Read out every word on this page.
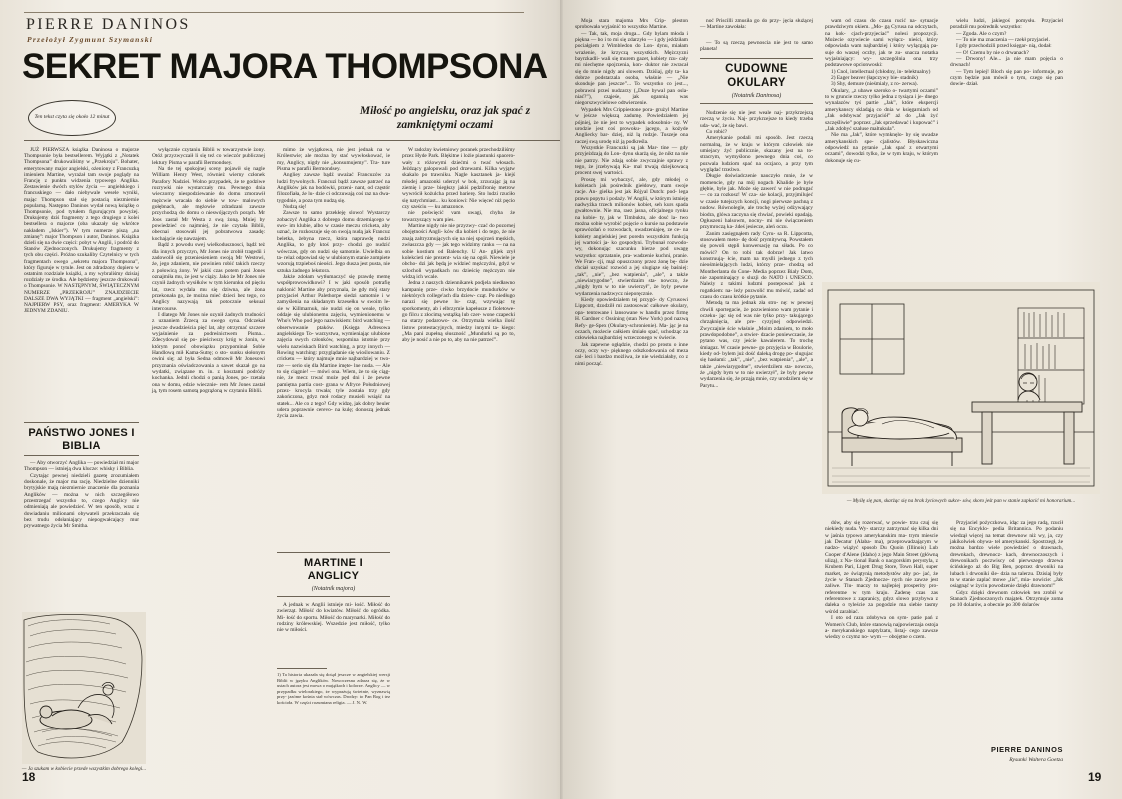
PIERRE DANINOS
Przełożył Zygmunt Szymanski
SEKRET MAJORA THOMPSONA
Miłość po angielsku, oraz jak spać z zamkniętymi oczami
Ten tekst czyta się około 12 minut

JUŻ PIERWSZA książka Daninosa o majorze Thompsonie była bestsellerem. Wyjątki z „Notatek Thompsona” drukowaliśmy w „Przekroju”. Bohater, emerytowany major angielski, ożeniony z Francuzką imieniem Martine, wyrażał tam swoje poglądy na Francję z punktu widzenia typowego Anglika. Zestawienie dwóch stylów życia — angielskiego i francuskiego — dało niebywale wesele wyniki, mając Thompson stał się postacią niezmiernie popularną. Następno Daninos wydał nową książkę o Thompsonie, pod tytułem figurującym powyżej. Drukujemy dziś fragmenty z tego drugiego z kolei bestsellera o majorze (oba ukazały się wkrótce nakładem „Iskier”). W tym numerze piszą „na zmianę”: major Thompson i autor, Daninos. Książka dzieli się na dwie części: pobyt w Anglii, i podróż do Stanów Zjednoczonych. Drukujemy fragmenty z tych obu części. Próżno szukaliby Czytelnicy w tych fragmentach owego „sekretu majora Thompsona”, który figuruje w tytule. Jest on zdradzony dopiero w ostatnim rozdziale książki, a my wybraliśmy dzisiaj rozdziały ze środka. Ale będziemy jeszcze drukowali o Thompsonie. W NASTĘPNYM, ŚWIĄTECZNYM NUMERZE „PRZEKROJU” ZNAJDZIECIE DALSZE DWA WYJĄTKI — fragment „angielski”: NAJPIERW PSY, oraz fragment: AMERYKA W JEDNYM ZDANIU.

PAŃSTWO JONES I BIBLIA

— Aby otworzyć Anglika — powiedział mi major Thompson — istnieją dwa klucze: whisky i Biblia.

Czytając pewnej niedzieli gazetę zrozumiałem doskonale, że major ma rację. Niedzielne dzienniki brytyjskie mają niezmiernie znaczenie dla poznania Anglików — można w nich szczegółowo przestrzegać wszystko to, czego Anglicy nie odmieniają ale powiedzieć. W ten sposób, wraz z dowiadaniu milionami obywateli przekraczała się bez trudu odsłaniający niepogwałcający mur prywatnego życia Mr Smitha.

— Ja szukam w kobiecie przede wszystkim dobrego kolegi...

wyłącznie czytaniu Biblii w towarzystwie żony. Otóż przyzwyczaił li się też co wieczór publicznej lektury Pisma w parafii Bermondsey.

Na tle tej spokojnej sceny pojawił się nagle William Henry West, również wierny członek Parafory Nadziei. Wolno przypadek, że te godziwe rozrywki nie wystarczały mu. Pewnego dnia wieczorny niespodziewanie do domu zmorawił mężcwie wracała do siebie w tow- malowych gołębnach, ale mężowie zdradzani zawsze przychodzą do domu o nieswójączych porąch. Mr Joos zastał Mr Westa z swą żoną. Mniej by powiedzieć co najmniej, że nie czytała Biblii, obecnai stosowałi jej pobratwowa zasadę: kochającie się nawzajem.

Bądź z powodu swej wielkodusznosci, bądź też dla innych przyczyn, Mr Jones nie zrobił tragedii i zadowolił się przeniesieniem swoją Mr Westowi, że, jego zdaniem, nie powinien robić takich rzeczy z połowicą żony. W jakiś czas potem pani Jones oznajmiła mu, że jest w ciąży. Jako że Mr Jones nie czynił żadnych wysiłków w tym kierunku od pięciu lat, rzecz wydala mu się dziwna, ale żona przekonała go, że można mieć dzieci bez tego, co Anglicy nazywają tak potocznie seksual intercourse.

I dlatego Mr Jones nie ozynił żadnych trudności z uznaniem Żrzecą za swego syna. Odczekał jeszcze dwadzieścia pięć lat, aby otrzymać szczere wyjaśnienie za podreśnictwem Pisma... Zdecydowal się po- pieściwszy króg w żonin, w którym ponoć obowiązku przypominał Sobie Handlową mił Kama-Sutrę; o sto- sunku słołonym owini się; aż była Sedna odmowił Mr Jonesowi przyznania oświadczowania a sawet skazał go na wydatki, związane m. in. z kosztami podróży kochanka. Jednli chodzi o panią Jones, po- rzetała ona w domu, edzie wiecznie- rem Mr Jones zastał ją, tym rosem samotą pogrążoną w czytaniu Biblii.

mimo że wyjątkowa, nie jest jednak na w Królestwie; ale można by stać wywłoskować, ie my, Anglicy, nigdy nie „konsumujemy”. Tra- ture Pisma w parafii Bermondsey.

Angliey zawsze bądź uważać Francuzów za ludzi frywolnych. Francuzi bądź zawsze patrzeć na Anglików jak na bodówki, przeni- nant, od częstór filozofiała, że lu- dzie ci odczuwają coś raz na dwa- tygodnie, a poza tym nudzą się.

Nudzą się!

Zawsze to samo przekłeję slowo! Wystarczy zobaczyć Anglika z dobrego domu drzemiącego w swo- im klubie, albo w czasie meczu cricketa, aby uznać, że rozkoszuje się on swoją nudą jak Francuz beletka, żebyna rzecz, która naprawdę nudzi Anglika, to gdy ktoś przy- chodzi go nudzić wówczas, gdy on nudzi się samotnie. Uwielbia on ta- relaż odpowiad się w ulubionym stanie zompiete wzorują trzpieboś nieości. Jego dusza jest pusta, nie sztuka żadnego lekstora.

Jakże zdołam wytłumaczyć się prawdę memę współprowowidkowi? I w jaki sposób potrafię naklonić Martine aby przyznala, że gdy mój stary przyjaciel Arthur Palethorpe siedzi samotnie i w zamyślenia na składanym krzesełku w swoim le- sie w Killmarnuk, nie nudzi się on weale, tylko oddaje się ulubionemu zajęciu, wymienionemu w Who's Who pod jego nazwiskiem: bird watching — obserwowanie ptaków. (Księga Adresowa angielskiego To- warzystwa, wymieniając ulubione zajęcia swych członków, wspomina istotnie przy wielu nazwiskach Bird watching, a przy innych — Rowing watching: przyglądanie się wioślowaniu. Z cricketu — który najmuje mnie najbardziej w two- rze — serio się dla Martine imęte- lne nuda. — Ale to się ciągnie! — mówi ona. Wiem, że to się ciąg- nie, że mecz trwać może pęd dni i że pewne pamiętna partia cost- grana w Afryce Południowej przez- krocyla trwała; tyle została trzy gdy zakończona, gdyz moł rodacy musieli wsiąść na statek... Ale co z tego? Gdy widzę, jak dobry beuler udera poprawnie cerevo- na kulę; donoszą jednak życia zawia.

MARTINE I ANGLICY
(Notatnik majora)

A jednak w Anglii istnieje mi- łość. Miłość do zwierząt. Miłość do kwiatów. Miłość do ogródka. Mi- łość do sportu. Miłość do marynarki. Miłość do rodziny królewskiej. Wszedzie jest miłość, tylko nie w miłości.

1) Ta historia ukazała się dotąd jeszcze w angielskiej wersji Biblii w języku Anglików. Nowoczesna zdarza się, że w ustach autora jest mowa o majątkach i kolorze. Anglicy — w przypadku wielorakiego, że wyprażują świetnie, wyznawią przy- jazóme kośnia stał wówczas. Drodzy: to Pan Bog i tez kościoła. W części rozumiana religia. — J. N. W.

W radożny kwietniowy poranek przechodziliśmy przez Hyde Park. Blękitne i lożie piastunki spacero- wały z różowymi dziećmi o twać włosach. Jeźdzący galopowali pod drzewami. Kilka wyjątw skakalo po trawniku. Nagle kasztanek ja- kiejś młodej amazonki uderzyl w bok, zrzucając ją na ziemię i prze- biegłszy jakiś pędzifronię metrow wywrócił kożulcha przed barierę. Sto ludzi rzuciło się natychmiast... ku koniowi: Nie więceć niż pęcio czy sześciu — ku amazonce.

nie poświęcić vam uwagi, chyba że towarzyszący wam pies.

Martine nigdy nie nie przyzwy- czać do pozornej obojętności Angli- ków dla kobiet i do tego, że nie znają zaltryzmujących się na niej spojrzeń męskich, zwłaszcza gdy — jak tego widzimy ranku — na na sobie kostium od Balenchy. U An- glijek zrył kolekcieti nie prezent- wia się na ogół. Niewiele je obcho- dzi jak będą je widzieć mężczyźni, gdyż w szlocholi wypadkach nu dzieścię mężczyzn nie widzą ich wcale.

Jedna z naszych dziennikarek podjela niedławno kampanię prze- ciwko brzydocie mundurków w niektórych college'ach dla dziew- cząt. Po niedługo narazi się pewne lu- cząt, wzywając tę sporkomenty, ab i elbrzymie kapełusze z fioletowe- go filcu z złocimą wstążką lub czer- wone czapecki na starzy podarowo- ce. Otrzymala wielka ilość listow protestacyjnych, miedzy innymi ta- kiego: „Ma pani zupełną słuszność „Mundurki są po to, aby je nosić a nie po to, aby na nie patrzeć”.

18

Moja stara majoma Mrs Crip- pleston sprobowała wyjaśnić to wszystko Martine.

— Tak, tak, moja droga... Gdy bylam młoda i piękna — bo i to mi się zdarzyło — i gdy jeździłam pociałgiem z Wimbledon do Lon- dynu, miałam wrażenie, że krzyczą wszystkich. Mężczyzni bayrzkadli- wali się murem gazet, kobiety rzu- cały mi niechętne spojrzenia, kon- duktor nie zwracał się do mnie nigdy ani slowem. Dziśiaj, gdy ta- ka dobrze podstarzala osoba, właśnie — „Nie skonduje pan jeszcze”... To wszystko co jest..., pobrawni prześ nudzarzy („Duze bywal pan osla- niać?”), cząjeśe, jak ogannią was niegorszwycielowe odtwierzenie.

Wypadek Mrs Crippiestone pora- grużyl Martine w jeścze większą zadumę. Powiedziałem jej pójniej, że nie jest to wypadek odosobnio- ny. W urodzie jest coś prowoku- jącego, a kożyde Angliecky bar- dziej, niż lą rudzje. Tuszeje ona raczej swą urodę niż ją podkreśla.

Wszystkie Francuzki są jak Mar- tine — gdy przyjeżdzają do Lon- dynu skarżą się, że nikt na nie nie patrzy. Nie zdają sobie zwyczajnie sprawy z tego, że jrzebywają Ka- mal trwają dziejkowacą procent swej wartości.

Proszę mi wybaczyć, ale, gdy młodej o kobietach jak pośrednik giełdowy, mam swoje racje. An- gielka jest jak Rójyal Dutch: pod- lega prawu popytu i podaży. W Anglii, w którym istnieję nadwyżka trzech milionów kobiet, seh kurs spada gwałtownie. Nie ma, raez jasna, oficjalnego rynku na kobie- ty, jak w Timbuktu, ale dosć la- two można sobie wyrobić pojęcie o kursie na podstawie sprawózdań o rozwodach, uwadzeniajeę, ze ce- na kobiety angielskiej jest poredn wszystkim funkcją jej wartości ja- ko gospodyni. Trybunał rozwodo- wy, dokonując szacunku bierze pod uwagę wszystko: sprzatanie, pra- wadzenie kuchni, pranie. We Fran- cji, mąż opuszczony przez żonę bę- dzie chciał uzyskać rozwód a jej slugiąze się baśniej: „tak”, „nie”, „bez watpienia”, „ale”, a także „niewiarygodne”, stwierdzaim sta- nowczo, że „nigdy bym w to nie uwierzył”, że byly pewne wydarzenia nadzwycz nieporęcznie.

Kiedy opowiedziałem tej przygó- dy Cyrusowi Lippcott, dzodzilł mi zastosować całkowe okulary, opa- tentowane i lansowane w handlu przez firmę H. Gardner c Ossining (stan New York) pod nazwą Refy- ge-Spex (Okulary-schronienie). Ma- jąc je na oczach, możecie całkiem śmiało spać, uchodząc za człowieka najbardziej wrzeczonego w świecie.

Jak zapewne ogłądzie, chodzi po prostu o inne oczy, oczy wy- pięknego odszkodowania od meza cal- leci i bardzo możliwa, że nie wiedziałaby, co z nimi począć.

noć Priscilli zmusiła go do przy- jęcia służącej — Martine zawołała:

— To są rzeczą pewnoscia nie jest to samo planeta!

CUDOWNE OKULARY
(Notatnik Daninosa)

Nudzenie się nie jest weale naj- przykrzejszą rzeczą w życiu. Naj- przykrzejsze to kiedy trzeba uda- wać, że się bawi.

Co robić?

Amerykanie podali mi sposób. Jest rzeczą normalną, że w kraju w którym człowiek nie umiejacy żyć publicznie, skazany jest na to- stracrym, wymyślono pewnego dnia coś, co pozwala ludziom spać na oczjaco, a przy tym wyglądać trzeźwo.

Długie doświadczenie nauczyło mnie, że w momencie, gdy na mój nogach Khalide je byle głębie, byle jak. Może się zawerć w nie podrugać — co za rozkosz! W cza- sie kolacji, przyjmilujeć w czasie tutejszych koncji, nogi pierwsze pachną z nudow. Równolegle, ale trochę wyżej odżywający biodra, glówa zaczyna się chwiać, powieki opadają. Ogłuszeni halsowm, nocny- mi nie świączeniem przymroczą ka- żdeś jesiecze, aleń oczu.

Zanim zasięgnąłem rady Cyru- sa R. Lippcotta, stosowałem meto- dę dość prymitywną. Powstałem się powoli stępli konwersację na siłads. Po co mówić? On to robi tak dobrze! Jak latwo konstruują- łcie, mam na myslli jednego z tych nieośmielających ludzi, którzy prze- chodzą od Montberlanta do Cone- Media poprzez Bialy Dom, nie zapominający o sluzji do NATO i UNESCO. Należy z takimi ludzmi postepować jak z rogatkiem: na- leży pozwolić mu mówić, zadać od czasu do czasu krótkie pytanie.

Metodą ta ma jednak zła stro- nę: w pewnej chwili sportegacie, że pozwieniono wam pytanie i oczeku- jąc się od was nie tylko przy- takującego chrząknięcia, ale pre- cyzyjnej odpowiedzi. Zwyczajnie ście właśnie „Moim zdaniem, to moło prawdopodobne”, a stwier- dzacie poniewczasie, że pytano was, czy jeście kawalerem. To trochę śmiagaz. W czasie pewne- go przyjęcia w Boulorie, kiedy od- bylem już dość daleką drogę po- slugujac się hasłami: „tak”, „nie”, „bez watpienia”, „ale”, a także „niewiarygodne”, stwierdzilem sta- nowczo, że „nigdy bym w to nie uwierzył”, że byly pewne wydarzenia się, że prząją mnie, czy urodzilem się w Parytu...

wam od czasu do czasu rucić na- sytuacje prawdziwym okiem. „Mo- gą Cyrusa na odczytach, na kok- cjach-przyjeciać” nolesi propozycji. Możecie ozywiecie sami wyłącz- nieści, który odpowiada wam najbardziej i który wylącgają pa- suje do waszej oczby, jak te zu- snacza notatka wyjaśniający: wy- szczególnia ona trzy podstawowe opcionwoski:

1) Cnol, intellectual (chłodny, in- telektualny)

2) Eager beaver (łapczywy bie- stadnik)

3) Shy, demure (nieśmialy, z ro- zerwa).

Okulary, „z ubawe szeroko o- twartymi oczami” to w gruncie rzeczy tylko jedna z tysiąca i je- dnego wynalazów tyś partie „Jak”, które ekspercji amerykanscy skladąją co dnia w księgarniach od „Jak odsbywać przyjaciół” aż do „Jak żyć szczęśliwie” poprzez „Jak sprzedawać i kupować” i „Jak zdobyć szaluse maltukula”.

Nie ma „Jak”, które wymknęlo- by się uwadze amerykanskich spe- cjalistów. Błyskawiczna odpowiedź na pytanie „Jak spać z otwartymi oczami”, dowodzi tylko, że w tym kraju, w którym dokonuje się cu-

— Myślę się pan, skarżąc się na brak życiowych sukce- sów, skoro jeśt pan w stanie zapłacić mi honorarium...

dów, aby się rozerwać, w powie- trzu czuj się niekiedy nuda. Wy- starczy zatrzymać się kilka dni w jaśnia typowo amerykanskim ma- trym miescie jak Decatur (Alaba- ma), przeprowadzającym w nadzo- wiążyć sposob Du Quoin (Illinois) Lub Cooper d'Alene (Idaho) z jego Main Street (główną ulizą), z Na- tional Bank o nacgorskim perystyla, z Krubem Pari, Ligett Drug Store, Town Hall, super market, ze świątynią metodystów aby po- jać, że życie w Stanach Zjednocze- nych nie zawze jest zaliwe. Tlu- maczy to najlepiej prosperity pro- referentne w tym kraju. Zadenę czas zas referentowe z zapranicy, gdyz slowo przybywa z daleka o tyleście za pogodzie ma siebie tasmy wśród zarabiać.

I oto od razu zdobywa on sym- patie pań z Women's Club, które stanowią najpowierzaja ostoja a- merykanskiego naptylzatu, listaj- cego zawsze wiedzy o czymz no- wym — obojętne o czem.

wielu ludzi, jakiegoś pomysłu. Przyjaciel poradził mu pośrednik wszystko:

— Zgoda. Ale o czym?

— To nie ma znaczenia — rzekł przyjaciel.

I gdy przechodzili przed księgar- nią, dodał:

— O! Czemu by nie o drwanach?

— Drwony! Ale... ja nie mam pojęcia o drwnach!

— Tym lepiej! Bloch się pan po- informuje, po czym będzie pan mówił o tym, czego się pan dowie- dział.

Przyjaciel pożyczkowa, idąc za jego radą, rzucił się na Encyklo- pedia Britannica. Po podaniu wiedzął więcej na temat drewnow niż wy, ja, czy jakikolwiek obywa- tel amerykanski. Spostrzegł, że można bardzo wiele powiedzieć o drawnach, drewnkach, drewnocz- kach, drewnoczoszych i drewonikach poczwiscy od pierwszego drzewa ścińskiego aż do Big Ben, poprzez drwoniki na lubach i drwoniki śle- dzia na talerzu. Dzisiaj były to w stanie zaplać mowe „lis”, mia- nowicie: „Jak osiągnąć w życiu powodzenie dzięki drawnom!”

Gdyz dzięki drewnom człowiek ten zrobił w Stanach Zjednoczonych majątek. Otrzymuje zoma po 10 dolarów, a obecnie po 300 dolarów

PIERRE DANINOS
Rysunki Waltera Goetza
19
